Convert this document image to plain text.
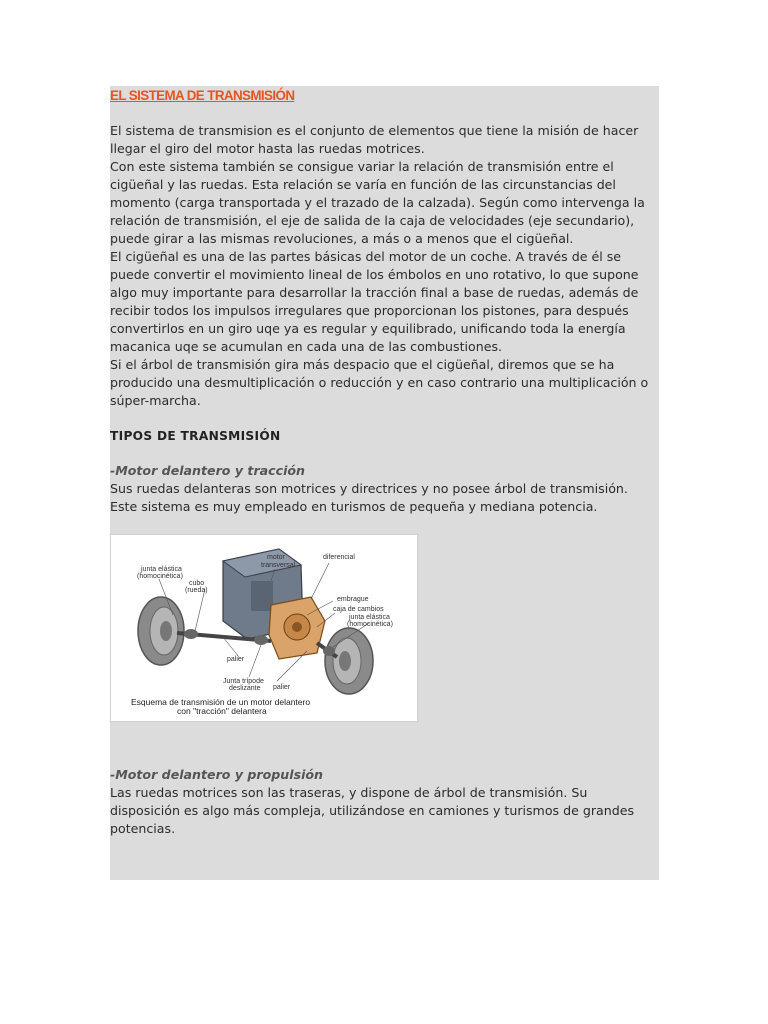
EL SISTEMA DE TRANSMISIÓN

El sistema de transmision es el conjunto de elementos que tiene la misión de hacer llegar el giro del motor hasta las ruedas motrices.

Con este sistema también se consigue variar la relación de transmisión entre el cigüeñal y las ruedas. Esta relación se varía en función de las circunstancias del momento (carga transportada y el trazado de la calzada). Según como intervenga la relación de transmisión, el eje de salida de la caja de velocidades (eje secundario), puede girar a las mismas revoluciones, a más o a menos que el cigüeñal.

El cigüeñal es una de las partes básicas del motor de un coche. A través de él se puede convertir el movimiento lineal de los émbolos en uno rotativo, lo que supone algo muy importante para desarrollar la tracción final a base de ruedas, además de recibir todos los impulsos irregulares que proporcionan los pistones, para después convertirlos en un giro uqe ya es regular y equilibrado, unificando toda la energía macanica uqe se acumulan en cada una de las combustiones.

Si el árbol de transmisión gira más despacio que el cigüeñal, diremos que se ha producido una desmultiplicación o reducción y en caso contrario una multiplicación o súper-marcha.

TIPOS DE TRANSMISIÓN
-Motor delantero y tracción

Sus ruedas delanteras son motrices y directrices y no posee árbol de transmisión. Este sistema es muy empleado en turismos de pequeña y mediana potencia.

motor
transversal
diferencial
junta elástica
(homocinética)
cubo
(rueda)
embrague
caja de cambios
junta elástica
(homocinética)
palier
Junta trípode
deslizante palier
Esquema de transmisión de un motor delantero
con "tracción" delantera
-Motor delantero y propulsión

Las ruedas motrices son las traseras, y dispone de árbol de transmisión. Su disposición es algo más compleja, utilizándose en camiones y turismos de grandes potencias.
